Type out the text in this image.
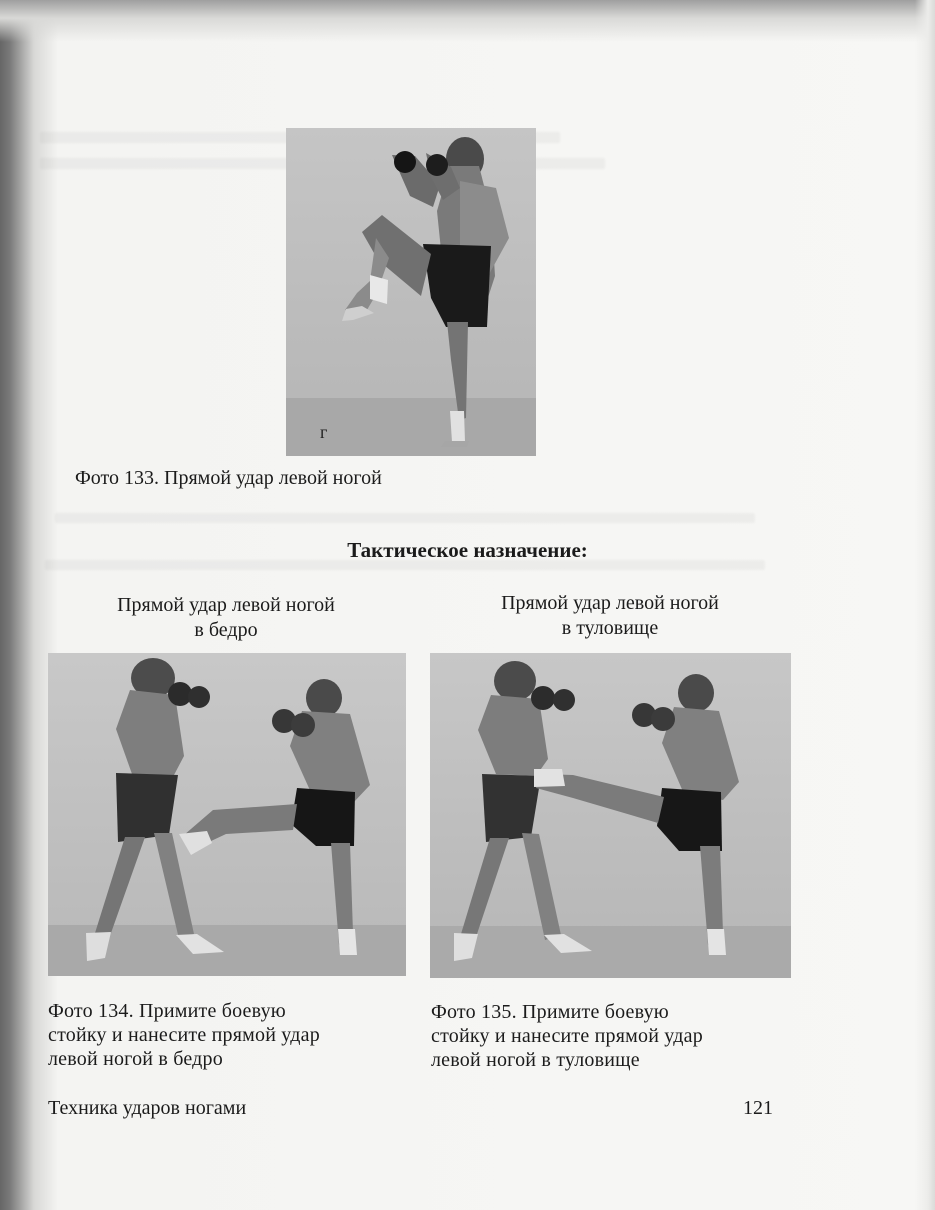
г

Фото 133. Прямой удар левой ногой

Тактическое назначение:
Прямой удар левой ногой
в бедро
Прямой удар левой ногой
в туловище
Фото 134. Примите боевую
стойку и нанесите прямой удар
левой ногой в бедро
Фото 135. Примите боевую
стойку и нанесите прямой удар
левой ногой в туловище

Техника ударов ногами	121
